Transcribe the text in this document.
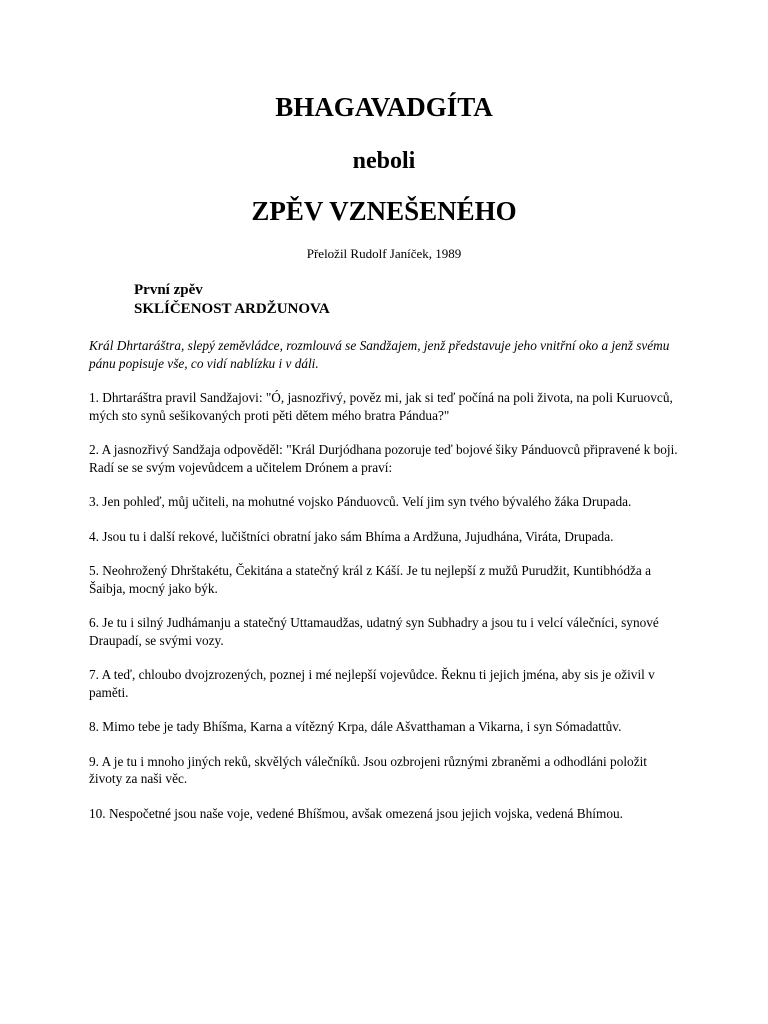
BHAGAVADGÍTA
neboli
ZPĚV VZNEŠENÉHO

Přeložil Rudolf Janíček, 1989

První zpěv
SKLÍČENOST ARDŽUNOVA

Král Dhrtaráštra, slepý zeměvládce, rozmlouvá se Sandžajem, jenž představuje jeho vnitřní oko a jenž svému pánu popisuje vše, co vidí nablízku i v dáli.

1. Dhrtaráštra pravil Sandžajovi: "Ó, jasnozřivý, pověz mi, jak si teď počíná na poli života, na poli Kuruovců, mých sto synů sešikovaných proti pěti dětem mého bratra Pándua?"

2. A jasnozřivý Sandžaja odpověděl: "Král Durjódhana pozoruje teď bojové šiky Pánduovců připravené k boji. Radí se se svým vojevůdcem a učitelem Drónem a praví:

3. Jen pohleď, můj učiteli, na mohutné vojsko Pánduovců. Velí jim syn tvého bývalého žáka Drupada.

4. Jsou tu i další rekové, lučištníci obratní jako sám Bhíma a Ardžuna, Jujudhána, Viráta, Drupada.

5. Neohrožený Dhrštakétu, Čekitána a statečný král z Káší. Je tu nejlepší z mužů Purudžit, Kuntibhódža a Šaibja, mocný jako býk.

6. Je tu i silný Judhámanju a statečný Uttamaudžas, udatný syn Subhadry a jsou tu i velcí válečníci, synové Draupadí, se svými vozy.

7. A teď, chloubo dvojzrozených, poznej i mé nejlepší vojevůdce. Řeknu ti jejich jména, aby sis je oživil v paměti.

8. Mimo tebe je tady Bhíšma, Karna a vítězný Krpa, dále Ašvatthaman a Vikarna, i syn Sómadattův.

9. A je tu i mnoho jiných reků, skvělých válečníků. Jsou ozbrojeni různými zbraněmi a odhodláni položit životy za naši věc.

10. Nespočetné jsou naše voje, vedené Bhíšmou, avšak omezená jsou jejich vojska, vedená Bhímou.
